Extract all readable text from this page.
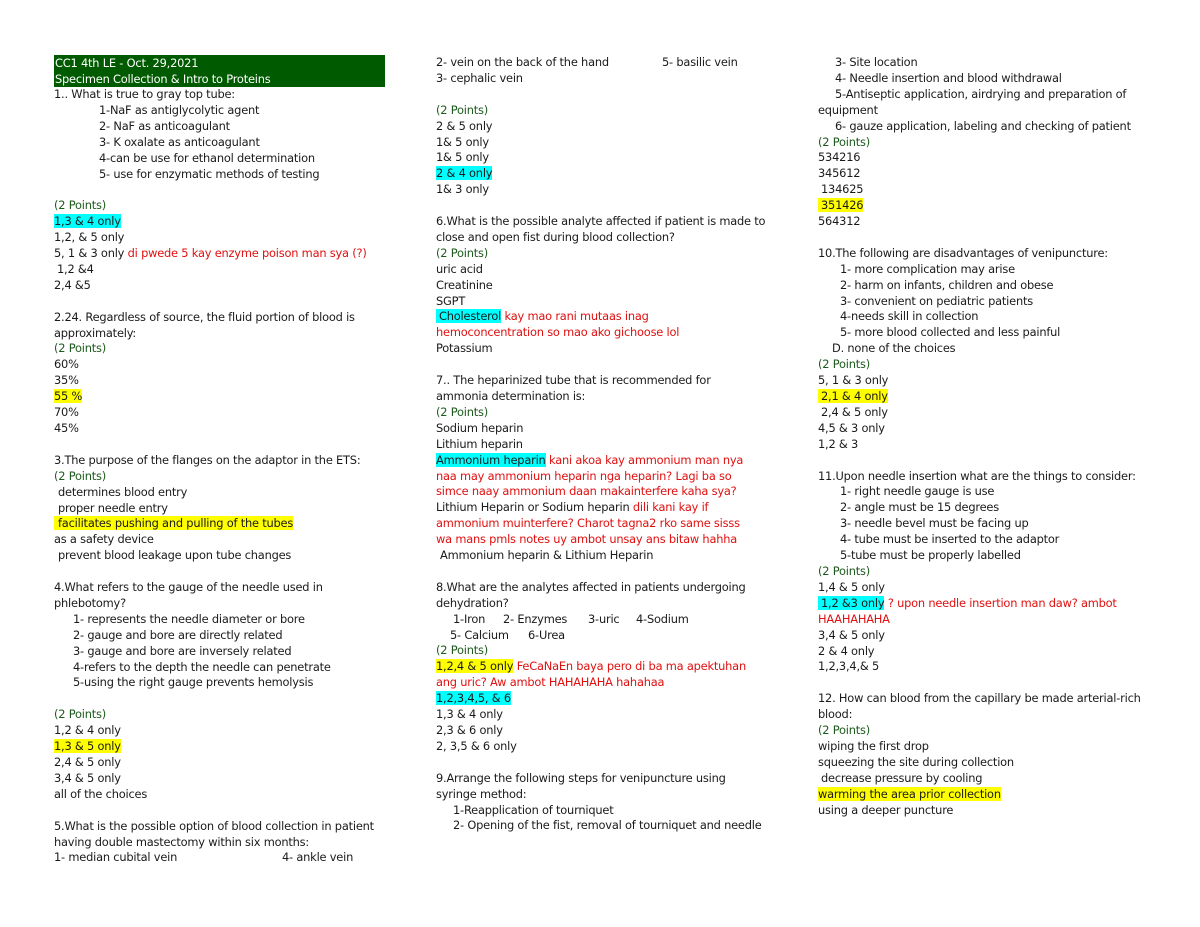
CC1 4th LE - Oct. 29,2021
Specimen Collection & Intro to Proteins
1.. What is true to gray top tube:
1-NaF as antiglycolytic agent
2- NaF as anticoagulant
3- K oxalate as anticoagulant
4-can be use for ethanol determination
5- use for enzymatic methods of testing
(2 Points)
1,3 & 4 only
1,2, & 5 only
5, 1 & 3 only di pwede 5 kay enzyme poison man sya (?)
1,2 &4
2,4 &5
2.24. Regardless of source, the fluid portion of blood is approximately:
(2 Points)
60%
35%
55 %
70%
45%
3.The purpose of the flanges on the adaptor in the ETS:
(2 Points)
determines blood entry
proper needle entry
facilitates pushing and pulling of the tubes
as a safety device
prevent blood leakage upon tube changes
4.What refers to the gauge of the needle used in phlebotomy?
1- represents the needle diameter or bore
2- gauge and bore are directly related
3- gauge and bore are inversely related
4-refers to the depth the needle can penetrate
5-using the right gauge prevents hemolysis
(2 Points)
1,2 & 4 only
1,3 & 5 only
2,4 & 5 only
3,4 & 5 only
all of the choices
5.What is the possible option of blood collection in patient having double mastectomy within six months:
1- median cubital vein	4- ankle vein
2- vein on the back of the hand	5- basilic vein
3- cephalic vein
(2 Points)
2 & 5 only
1& 5 only
1& 5 only
2 & 4 only
1& 3 only
6.What is the possible analyte affected if patient is made to close and open fist during blood collection?
(2 Points)
uric acid
Creatinine
SGPT
Cholesterol kay mao rani mutaas inag
hemoconcentration so mao ako gichoose lol
Potassium
7.. The heparinized tube that is recommended for ammonia determination is:
(2 Points)
Sodium heparin
Lithium heparin
Ammonium heparin kani akoa kay ammonium man nya
naa may ammonium heparin nga heparin? Lagi ba so
simce naay ammonium daan makainterfere kaha sya?
Lithium Heparin or Sodium heparin dili kani kay if
ammonium muinterfere? Charot tagna2 rko same sisss
wa mans pmls notes uy ambot unsay ans bitaw hahha
Ammonium heparin & Lithium Heparin
8.What are the analytes affected in patients undergoing dehydration?
1-Iron 2- Enzymes 3-uric 4-Sodium
5- Calcium 6-Urea
(2 Points)
1,2,4 & 5 only FeCaNaEn baya pero di ba ma apektuhan
ang uric? Aw ambot HAHAHAHA hahahaa
1,2,3,4,5, & 6
1,3 & 4 only
2,3 & 6 only
2, 3,5 & 6 only
9.Arrange the following steps for venipuncture using syringe method:
1-Reapplication of tourniquet
2- Opening of the fist, removal of tourniquet and needle
3- Site location
4- Needle insertion and blood withdrawal
5-Antiseptic application, airdrying and preparation of equipment
6- gauze application, labeling and checking of patient
(2 Points)
534216
345612
134625
351426
564312
10.The following are disadvantages of venipuncture:
1- more complication may arise
2- harm on infants, children and obese
3- convenient on pediatric patients
4-needs skill in collection
5- more blood collected and less painful
D. none of the choices
(2 Points)
5, 1 & 3 only
2,1 & 4 only
2,4 & 5 only
4,5 & 3 only
1,2 & 3
11.Upon needle insertion what are the things to consider:
1- right needle gauge is use
2- angle must be 15 degrees
3- needle bevel must be facing up
4- tube must be inserted to the adaptor
5-tube must be properly labelled
(2 Points)
1,4 & 5 only
1,2 &3 only ? upon needle insertion man daw? ambot
HAAHAHAHA
3,4 & 5 only
2 & 4 only
1,2,3,4,& 5
12. How can blood from the capillary be made arterial-rich blood:
(2 Points)
wiping the first drop
squeezing the site during collection
decrease pressure by cooling
warming the area prior collection
using a deeper puncture
